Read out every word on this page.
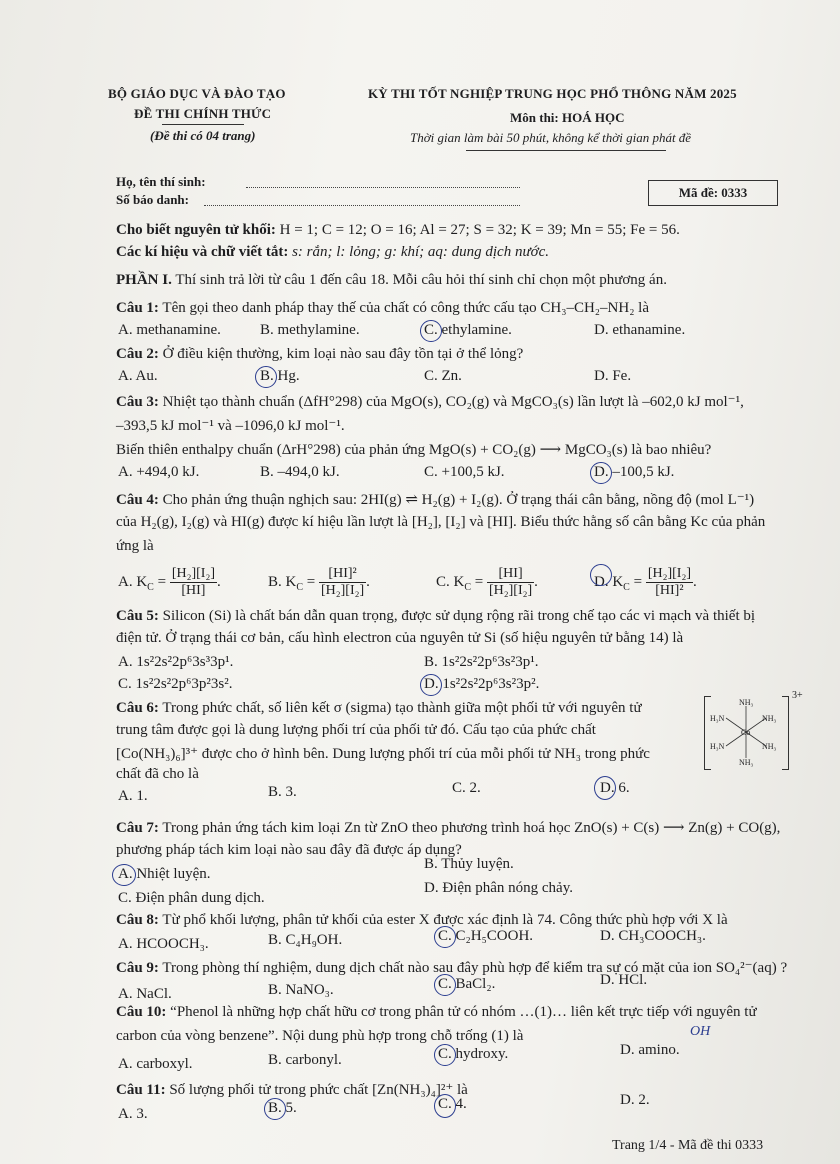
BỘ GIÁO DỤC VÀ ĐÀO TẠO
ĐỀ THI CHÍNH THỨC
(Đề thi có 04 trang)
KỲ THI TỐT NGHIỆP TRUNG HỌC PHỔ THÔNG NĂM 2025
Môn thi: HOÁ HỌC
Thời gian làm bài 50 phút, không kể thời gian phát đề
Họ, tên thí sinh:
Số báo danh:	Mã đề: 0333
Cho biết nguyên tử khối: H = 1; C = 12; O = 16; Al = 27; S = 32; K = 39; Mn = 55; Fe = 56.
Các kí hiệu và chữ viết tắt: s: rắn; l: lỏng; g: khí; aq: dung dịch nước.
PHẦN I. Thí sinh trả lời từ câu 1 đến câu 18. Mỗi câu hỏi thí sinh chỉ chọn một phương án.
Câu 1: Tên gọi theo danh pháp thay thế của chất có công thức cấu tạo CH₃–CH₂–NH₂ là
A. methanamine.	B. methylamine.	C. ethylamine.	D. ethanamine.
Câu 2: Ở điều kiện thường, kim loại nào sau đây tồn tại ở thể lỏng?
A. Au.	B. Hg.	C. Zn.	D. Fe.
Câu 3: Nhiệt tạo thành chuẩn (ΔfH°298) của MgO(s), CO₂(g) và MgCO₃(s) lần lượt là –602,0 kJ mol⁻¹,
–393,5 kJ mol⁻¹ và –1096,0 kJ mol⁻¹.
Biến thiên enthalpy chuẩn (ΔrH°298) của phản ứng MgO(s) + CO₂(g) ⟶ MgCO₃(s) là bao nhiêu?
A. +494,0 kJ.	B. –494,0 kJ.	C. +100,5 kJ.	D. –100,5 kJ.
Câu 4: Cho phản ứng thuận nghịch sau: 2HI(g) ⇌ H₂(g) + I₂(g). Ở trạng thái cân bằng, nồng độ (mol L⁻¹)
của H₂(g), I₂(g) và HI(g) được kí hiệu lần lượt là [H₂], [I₂] và [HI]. Biểu thức hằng số cân bằng Kc của phản
ứng là
A. $K_C = \frac{\text{[H₂][I₂]}}{[HI]}$ .	B. $K_C = \frac{\text{[HI]²}}{\text{[H₂][I₂]}}$ .	C. $K_C = \frac{[HI]}{\text{[H₂][I₂]}}$ .	D. $K_C = \frac{\text{[H₂][I₂]}}{\text{[HI]²}}$ .
Câu 5: Silicon (Si) là chất bán dẫn quan trọng, được sử dụng rộng rãi trong chế tạo các vi mạch và thiết bị
điện tử. Ở trạng thái cơ bản, cấu hình electron của nguyên tử Si (số hiệu nguyên tử bằng 14) là
A. 1s²2s²2p⁶3s³3p¹.	B. 1s²2s²2p⁶3s²3p¹.
C. 1s²2s²2p⁶3p²3s².	D. 1s²2s²2p⁶3s²3p².
Câu 6: Trong phức chất, số liên kết σ (sigma) tạo thành giữa một phối tử với nguyên tử
trung tâm được gọi là dung lượng phối trí của phối tử đó. Cấu tạo của phức chất
[Co(NH₃)₆]³⁺ được cho ở hình bên. Dung lượng phối trí của mỗi phối tử NH₃ trong phức
chất đã cho là
A. 1.	B. 3.	C. 2.	D. 6.
3+
NH₃
H₃N	NH₃
Co
H₃N	NH₃
NH₃
Câu 7: Trong phản ứng tách kim loại Zn từ ZnO theo phương trình hoá học ZnO(s) + C(s) ⟶ Zn(g) + CO(g),
phương pháp tách kim loại nào sau đây đã được áp dụng?
A. Nhiệt luyện.
B. Thủy luyện.
C. Điện phân dung dịch.
D. Điện phân nóng chảy.
Câu 8: Từ phổ khối lượng, phân tử khối của ester X được xác định là 74. Công thức phù hợp với X là
A. HCOOCH₃.	B. C₄H₉OH.	C. C₂H₅COOH.	D. CH₃COOCH₃.
Câu 9: Trong phòng thí nghiệm, dung dịch chất nào sau đây phù hợp để kiểm tra sự có mặt của ion SO₄²⁻(aq) ?
A. NaCl.	B. NaNO₃.	C. BaCl₂.	D. HCl.
Câu 10: “Phenol là những hợp chất hữu cơ trong phân tử có nhóm …(1)… liên kết trực tiếp với nguyên tử
carbon của vòng benzene”. Nội dung phù hợp trong chỗ trống (1) là	OH
A. carboxyl.	B. carbonyl.	C. hydroxy.	D. amino.
Câu 11: Số lượng phối tử trong phức chất [Zn(NH₃)₄]²⁺ là
A. 3.	B. 5.	C. 4.	D. 2.
Trang 1/4 - Mã đề thi 0333
